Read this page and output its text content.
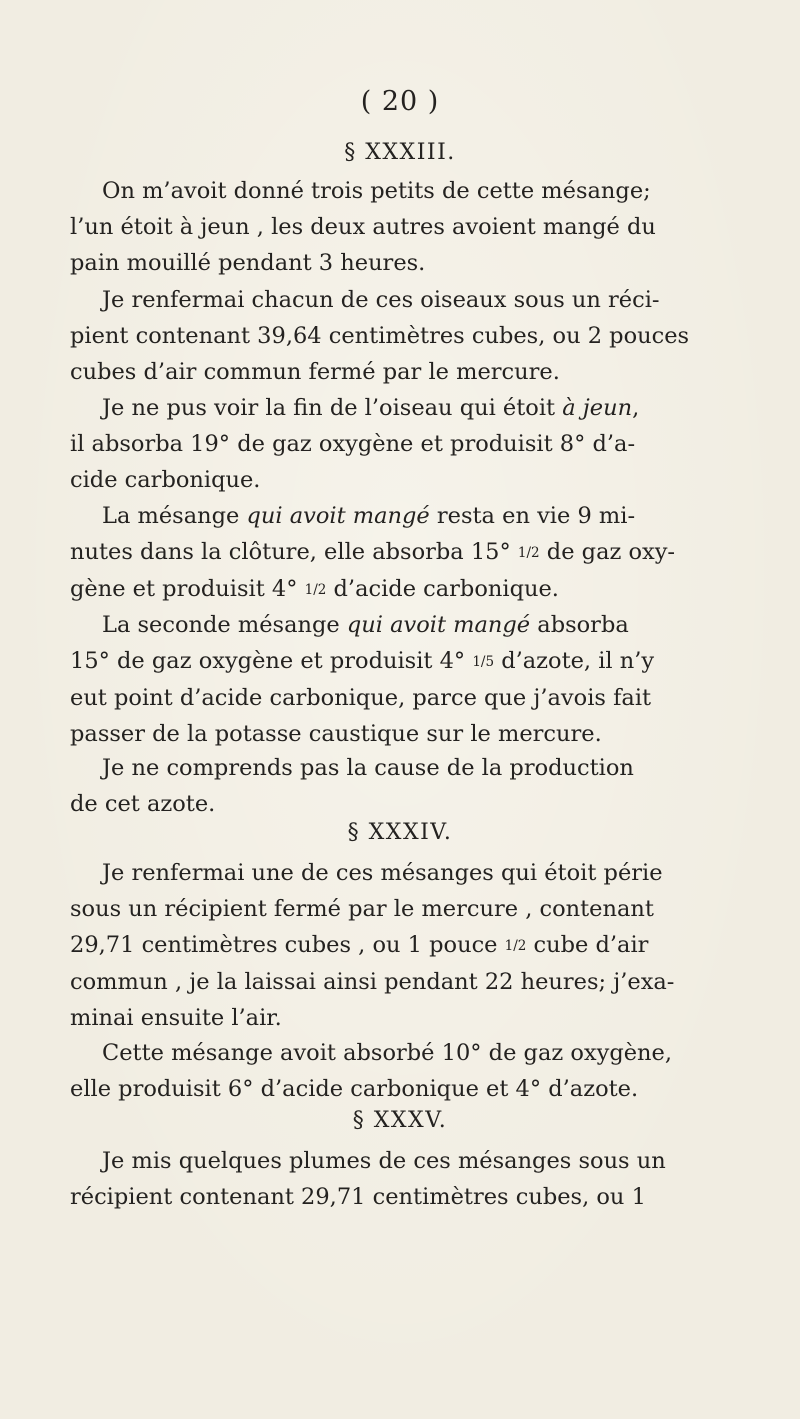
( 20 )
§ XXXIII.
On m’avoit donné trois petits de cette mésange;
l’un étoit à jeun , les deux autres avoient mangé du
pain mouillé pendant 3 heures.
Je renfermai chacun de ces oiseaux sous un réci-
pient contenant 39,64 centimètres cubes, ou 2 pouces
cubes d’air commun fermé par le mercure.
Je ne pus voir la fin de l’oiseau qui étoit à jeun,
il absorba 19° de gaz oxygène et produisit 8° d’a-
cide carbonique.
La mésange qui avoit mangé resta en vie 9 mi-
nutes dans la clôture, elle absorba 15° 1/2 de gaz oxy-
gène et produisit 4° 1/2 d’acide carbonique.
La seconde mésange qui avoit mangé absorba
15° de gaz oxygène et produisit 4° 1/5 d’azote, il n’y
eut point d’acide carbonique, parce que j’avois fait
passer de la potasse caustique sur le mercure.
Je ne comprends pas la cause de la production
de cet azote.
§ XXXIV.
Je renfermai une de ces mésanges qui étoit périe
sous un récipient fermé par le mercure , contenant
29,71 centimètres cubes , ou 1 pouce 1/2 cube d’air
commun , je la laissai ainsi pendant 22 heures; j’exa-
minai ensuite l’air.
Cette mésange avoit absorbé 10° de gaz oxygène,
elle produisit 6° d’acide carbonique et 4° d’azote.
§ XXXV.
Je mis quelques plumes de ces mésanges sous un
récipient contenant 29,71 centimètres cubes, ou 1
